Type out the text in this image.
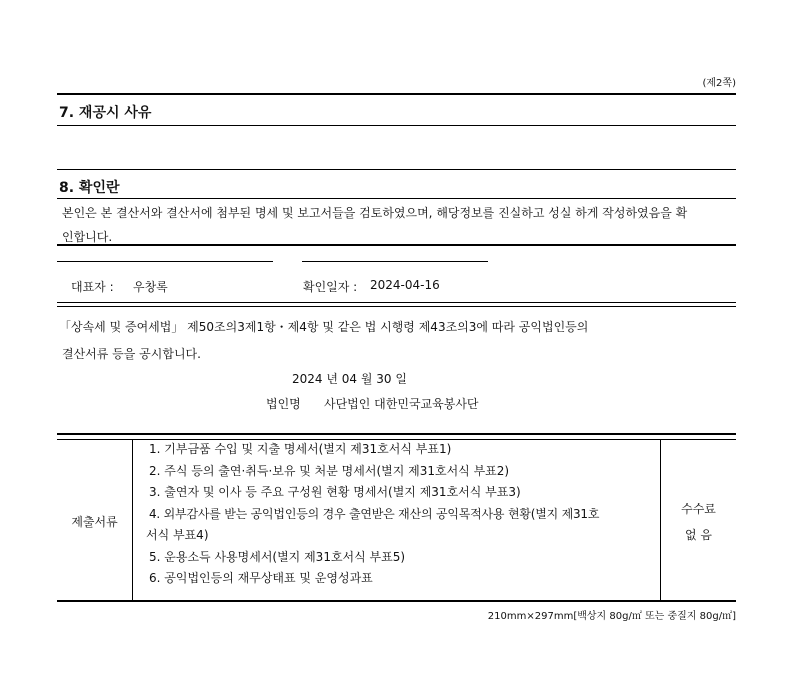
(제2쪽)
7. 재공시 사유
8. 확인란
본인은 본 결산서와 결산서에 첨부된 명세 및 보고서들을 검토하였으며, 해당정보를 진실하고 성실 하게 작성하였음을 확
인합니다.
대표자 : 우창록	확인일자 : 2024-04-16
「상속세 및 증여세법」 제50조의3제1항・제4항 및 같은 법 시행령 제43조의3에 따라 공익법인등의
결산서류 등을 공시합니다.
2024 년 04 월 30 일
법인명 사단법인 대한민국교육봉사단
제출서류
1. 기부금품 수입 및 지출 명세서(별지 제31호서식 부표1)
2. 주식 등의 출연·취득·보유 및 처분 명세서(별지 제31호서식 부표2)
3. 출연자 및 이사 등 주요 구성원 현황 명세서(별지 제31호서식 부표3)
4. 외부감사를 받는 공익법인등의 경우 출연받은 재산의 공익목적사용 현황(별지 제31호
서식 부표4)
5. 운용소득 사용명세서(별지 제31호서식 부표5)
6. 공익법인등의 재무상태표 및 운영성과표
수수료
없 음
210mm×297mm[백상지 80g/㎡ 또는 중질지 80g/㎡]
